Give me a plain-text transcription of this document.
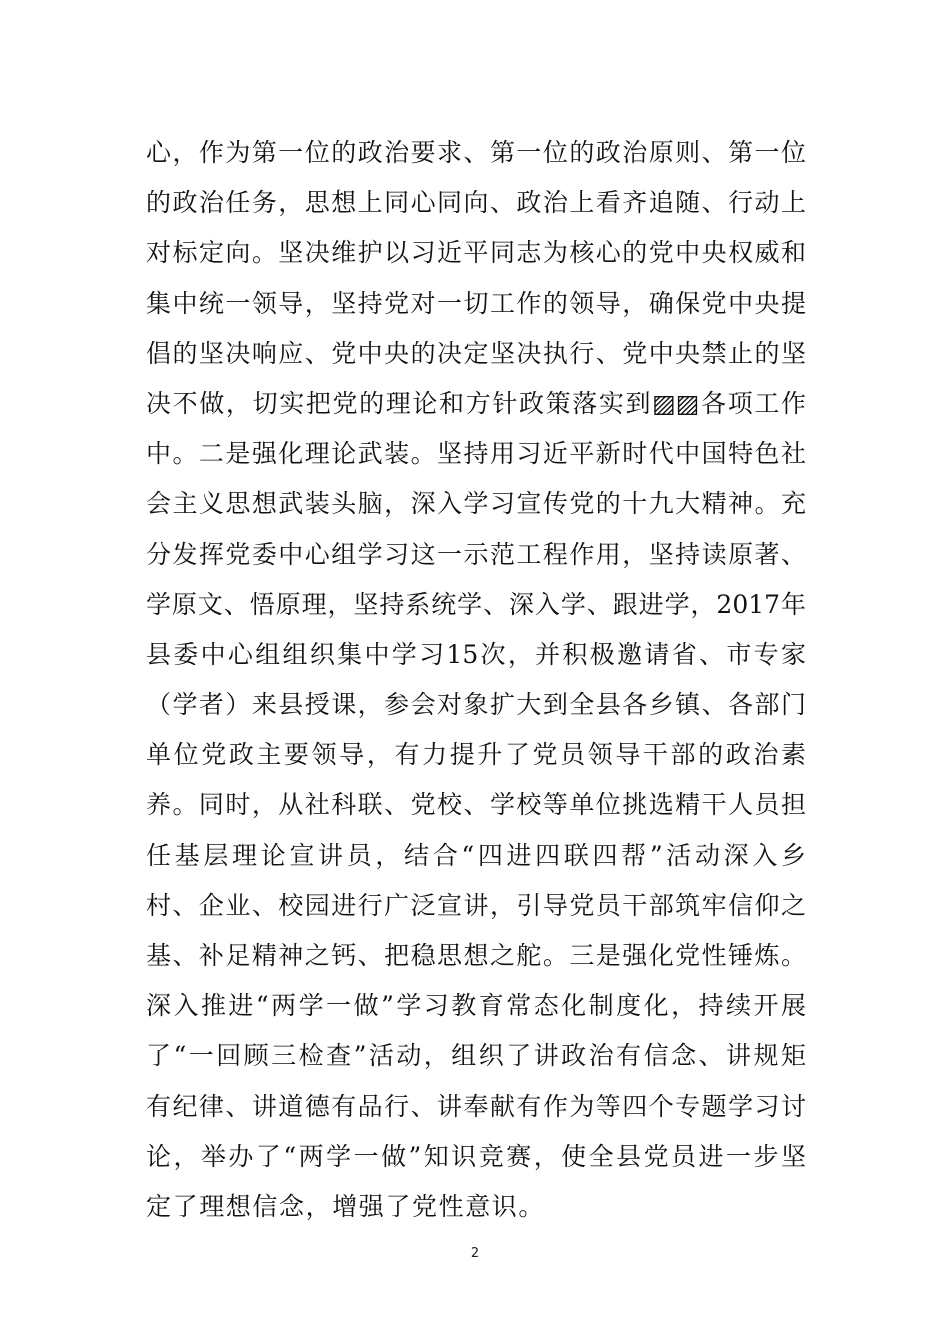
心，作为第一位的政治要求、第一位的政治原则、第一位
的政治任务，思想上同心同向、政治上看齐追随、行动上
对标定向。坚决维护以习近平同志为核心的党中央权威和
集中统一领导，坚持党对一切工作的领导，确保党中央提
倡的坚决响应、党中央的决定坚决执行、党中央禁止的坚
决不做，切实把党的理论和方针政策落实到▨▨各项工作
中。二是强化理论武装。坚持用习近平新时代中国特色社
会主义思想武装头脑，深入学习宣传党的十九大精神。充
分发挥党委中心组学习这一示范工程作用，坚持读原著、
学原文、悟原理，坚持系统学、深入学、跟进学，2017年
县委中心组组织集中学习15次，并积极邀请省、市专家
（学者）来县授课，参会对象扩大到全县各乡镇、各部门
单位党政主要领导，有力提升了党员领导干部的政治素
养。同时，从社科联、党校、学校等单位挑选精干人员担
任基层理论宣讲员，结合“四进四联四帮”活动深入乡
村、企业、校园进行广泛宣讲，引导党员干部筑牢信仰之
基、补足精神之钙、把稳思想之舵。三是强化党性锤炼。
深入推进“两学一做”学习教育常态化制度化，持续开展
了“一回顾三检查”活动，组织了讲政治有信念、讲规矩
有纪律、讲道德有品行、讲奉献有作为等四个专题学习讨
论，举办了“两学一做”知识竞赛，使全县党员进一步坚
定了理想信念，增强了党性意识。
2
